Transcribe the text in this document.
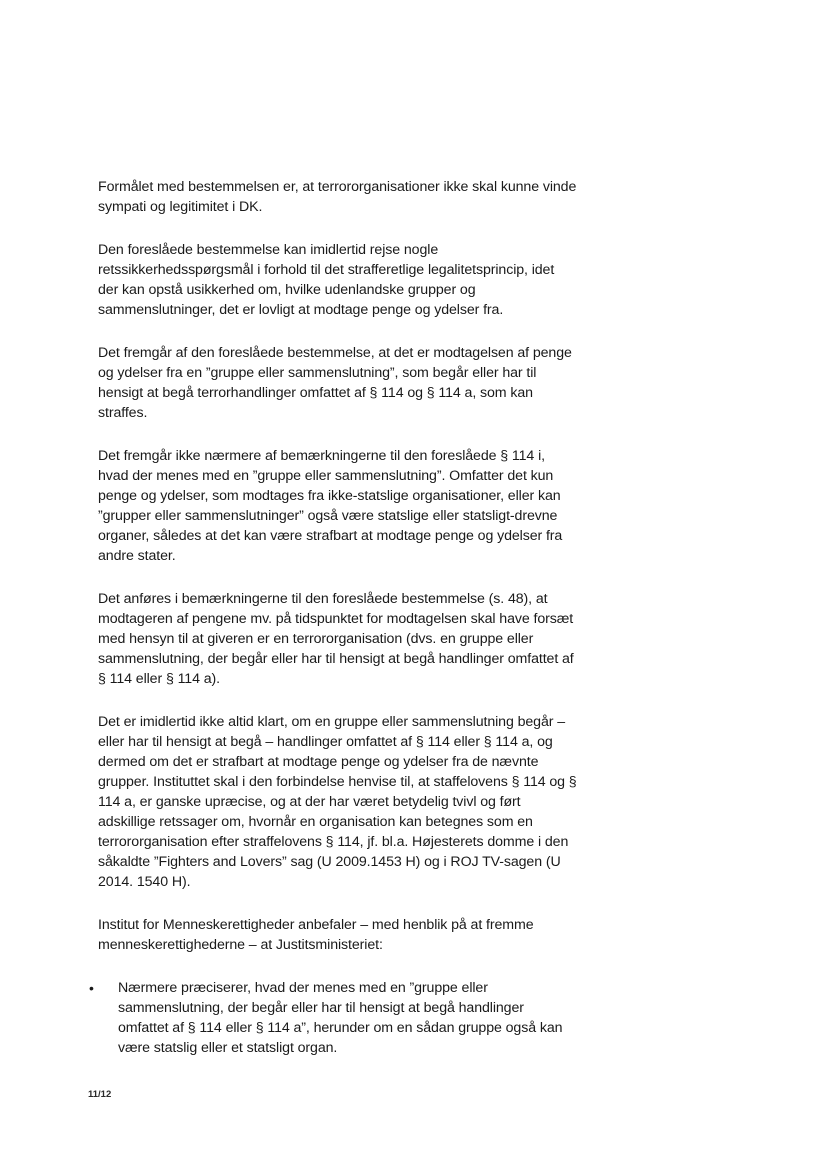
Formålet med bestemmelsen er, at terrororganisationer ikke skal kunne vinde sympati og legitimitet i DK.

Den foreslåede bestemmelse kan imidlertid rejse nogle retssikkerhedsspørgsmål i forhold til det strafferetlige legalitetsprincip, idet der kan opstå usikkerhed om, hvilke udenlandske grupper og sammenslutninger, det er lovligt at modtage penge og ydelser fra.

Det fremgår af den foreslåede bestemmelse, at det er modtagelsen af penge og ydelser fra en ”gruppe eller sammenslutning”, som begår eller har til hensigt at begå terrorhandlinger omfattet af § 114 og § 114 a, som kan straffes.

Det fremgår ikke nærmere af bemærkningerne til den foreslåede § 114 i, hvad der menes med en ”gruppe eller sammenslutning”. Omfatter det kun penge og ydelser, som modtages fra ikke-statslige organisationer, eller kan ”grupper eller sammenslutninger” også være statslige eller statsligt-drevne organer, således at det kan være strafbart at modtage penge og ydelser fra andre stater.

Det anføres i bemærkningerne til den foreslåede bestemmelse (s. 48), at modtageren af pengene mv. på tidspunktet for modtagelsen skal have forsæt med hensyn til at giveren er en terrororganisation (dvs. en gruppe eller sammenslutning, der begår eller har til hensigt at begå handlinger omfattet af § 114 eller § 114 a).

Det er imidlertid ikke altid klart, om en gruppe eller sammenslutning begår – eller har til hensigt at begå – handlinger omfattet af § 114 eller § 114 a, og dermed om det er strafbart at modtage penge og ydelser fra de nævnte grupper. Instituttet skal i den forbindelse henvise til, at staffelovens § 114 og § 114 a, er ganske upræcise, og at der har været betydelig tvivl og ført adskillige retssager om, hvornår en organisation kan betegnes som en terrororganisation efter straffelovens § 114, jf. bl.a. Højesterets domme i den såkaldte ”Fighters and Lovers” sag (U 2009.1453 H) og i ROJ TV-sagen (U 2014. 1540 H).

Institut for Menneskerettigheder anbefaler – med henblik på at fremme menneskerettighederne – at Justitsministeriet:

•	Nærmere præciserer, hvad der menes med en ”gruppe eller sammenslutning, der begår eller har til hensigt at begå handlinger omfattet af § 114 eller § 114 a”, herunder om en sådan gruppe også kan være statslig eller et statsligt organ.
11/12
